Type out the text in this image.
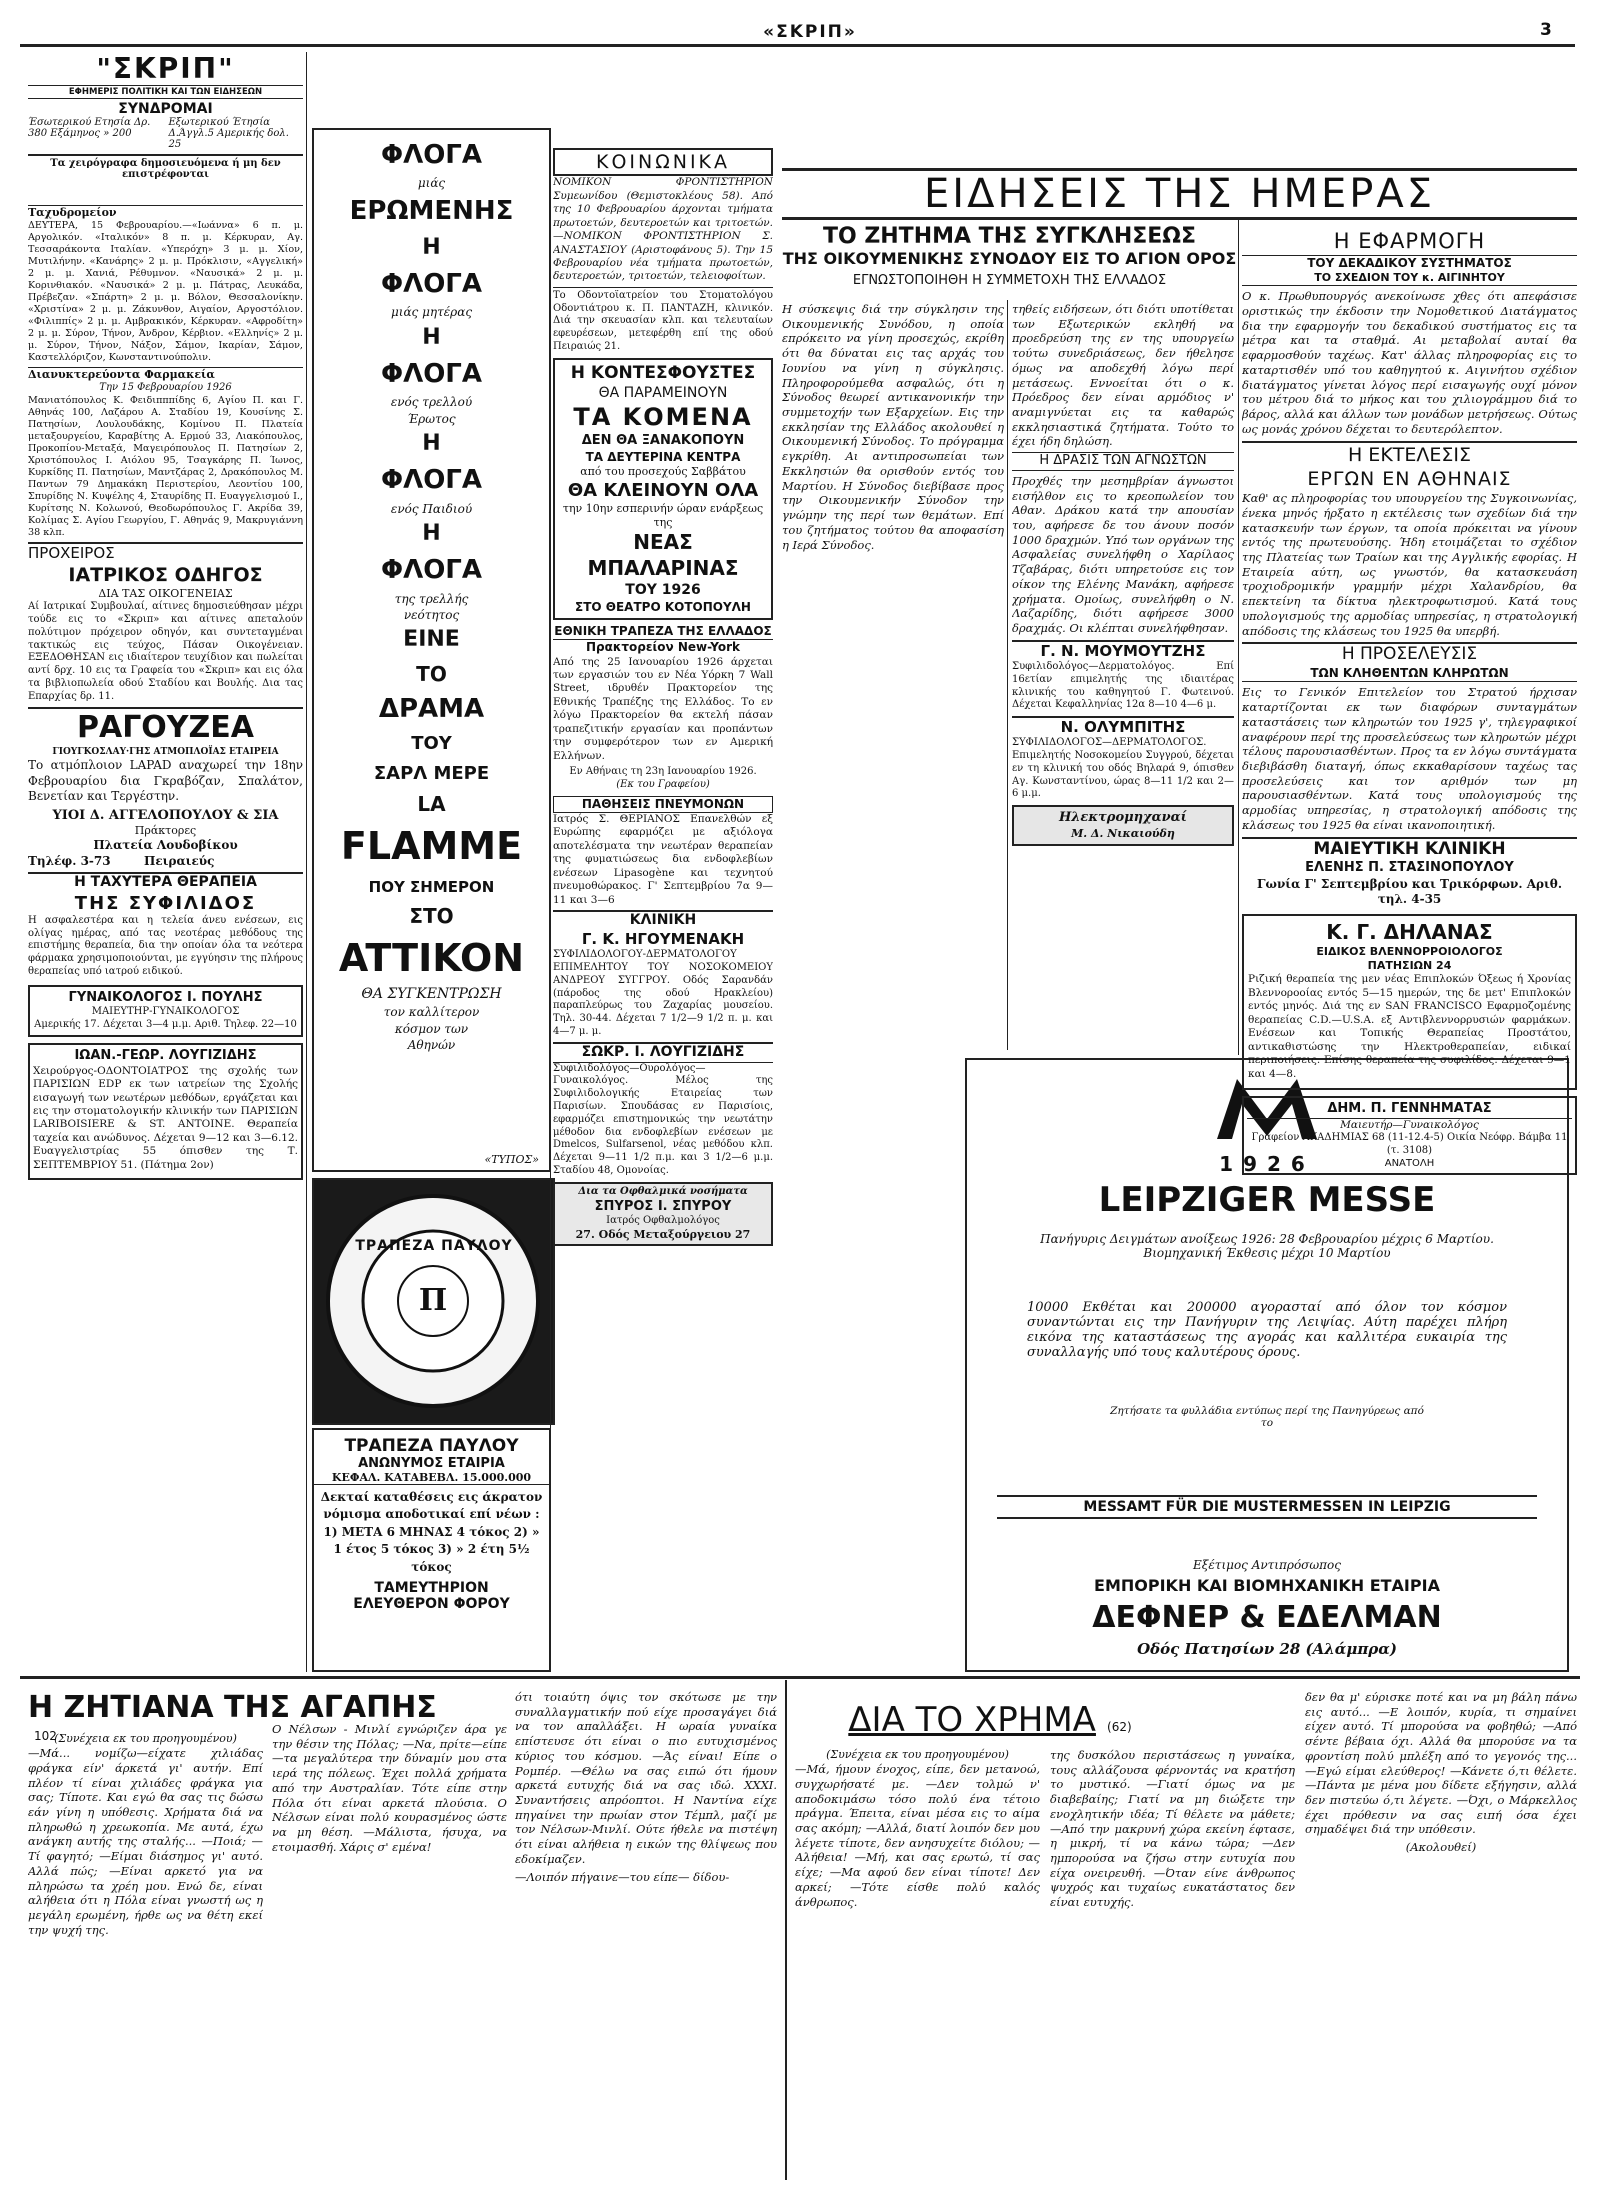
«ΣΚΡΙΠ»	3
"ΣΚΡΙΠ"
ΕΦΗΜΕΡΙΣ ΠΟΛΙΤΙΚΗ ΚΑΙ ΤΩΝ ΕΙΔΗΣΕΩΝ
ΣΥΝΔΡΟΜΑΙ
Έσωτερικού Ετησία Δρ. 380 Εξάμηνος » 200
Εξωτερικού Έτησία Δ.Άγγλ.5 Αμερικής δολ. 25
Τα χειρόγραφα δημοσιευόμενα ή μη δεν επιστρέφονται
Ταχυδρομείον

ΔΕΥΤΕΡΑ, 15 Φεβρουαρίου.—«Ιωάννα» 6 π. μ. Αργολικόν. «Ιταλικόν» 8 π. μ. Κέρκυραν, Αγ. Τεσσαράκοντα Ιταλίαν. «Υπερόχη» 3 μ. μ. Χίον, Μυτιλήνην. «Κανάρης» 2 μ. μ. Πρόκλισιν, «Αγγελική» 2 μ. μ. Χανιά, Ρέθυμνον. «Ναυσικά» 2 μ. μ. Κορινθιακόν. «Ναυσικά» 2 μ. μ. Πάτρας, Λευκάδα, Πρέβεζαν. «Σπάρτη» 2 μ. μ. Βόλον, Θεσσαλονίκην. «Χριστίνα» 2 μ. μ. Ζάκυνθον, Αιγαίον, Αργοστόλιον. «Φιλιππίς» 2 μ. μ. Αμβρακικόν, Κέρκυραν. «Αφροδίτη» 2 μ. μ. Σύρον, Τήνον, Άνδρον, Κέρβιον. «Ελληνίς» 2 μ. μ. Σύρον, Τήνον, Νάξον, Σάμον, Ικαρίαν, Σάμον, Καστελλόριζον, Κωνσταντινούπολιν.

Διανυκτερεύοντα Φαρμακεία
Την 15 Φεβρουαρίου 1926

Μανιατόπουλος Κ. Φειδιπππίδης 6, Αγίου Π. και Γ. Αθηνάς 100, Λαζάρου Α. Σταδίου 19, Κουσίνης Σ. Πατησίων, Λουλουδάκης, Κομίνου Π. Πλατεία μεταξουργείου, Καραβίτης Α. Ερμού 33, Λιακόπουλος, Προκοπίου-Μεταξά, Μαγειρόπουλος Π. Πατησίων 2, Χριστόπουλος Ι. Αιόλου 95, Τσαγκάρης Π. Ίωνος, Κυρκίδης Π. Πατησίων, Μαντζάρας 2, Δρακόπουλος Μ. Παντων 79 Δημακάκη Περιστερίου, Λεοντίου 100, Σπυρίδης Ν. Κυψέλης 4, Σταυρίδης Π. Ευαγγελισμού Ι., Κυρίτσης Ν. Κολωνού, Θεοδωρόπουλος Γ. Ακρίδα 39, Κολίμας Σ. Αγίου Γεωργίου, Γ. Αθηνάς 9, Μακρυγιάννη 38 κλπ.

ΠΡΟΧΕΙΡΟΣ
ΙΑΤΡΙΚΟΣ ΟΔΗΓΟΣ
ΔΙΑ ΤΑΣ ΟΙΚΟΓΕΝΕΙΑΣ

Αί Ιατρικαί Συμβουλαί, αίτινες δημοσιεύθησαν μέχρι τούδε εις το «Σκριπ» και αίτινες απεταλούν πολύτιμον πρόχειρον οδηγόν, και συντεταγμέναι τακτικώς εις τεύχος, Πάσαν Οικογένειαν. ΕΞΕΔΟΘΗΣΑΝ εις ιδιαίτερον τευχίδιον και πωλείται αντί δρχ. 10 εις τα Γραφεία του «Σκριπ» και εις όλα τα βιβλιοπωλεία οδού Σταδίου και Βουλής. Δια τας Επαρχίας δρ. 11.

ΡΑΓΟΥΖΕΑ
ΓΙΟΥΓΚΟΣΛΑΥ·ΓΗΣ ΑΤΜΟΠΛΟΪΑΣ ΕΤΑΙΡΕΙΑ

Το ατμόπλοιον LAPAD αναχωρεί την 18ην Φεβρουαρίου δια Γκραβόζαν, Σπαλάτον, Βενετίαν και Τεργέστην.

ΥΙΟΙ Δ. ΑΓΓΕΛΟΠΟΥΛΟΥ & ΣΙΑ
Πράκτορες
Πλατεία Λουδοβίκου
Τηλέφ. 3-73        Πειραιεύς
Η ΤΑΧΥΤΕΡΑ ΘΕΡΑΠΕΙΑ
ΤΗΣ ΣΥΦΙΛΙΔΟΣ

Η ασφαλεστέρα και η τελεία άνευ ενέσεων, εις ολίγας ημέρας, από τας νεοτέρας μεθόδους της επιστήμης θεραπεία, δια την οποίαν όλα τα νεότερα φάρμακα χρησιμοποιούνται, με εγγύησιν της πλήρους θεραπείας υπό ιατρού ειδικού.

ΓΥΝΑΙΚΟΛΟΓΟΣ Ι. ΠΟΥΛΗΣ
ΜΑΙΕΥΤΗΡ-ΓΥΝΑΙΚΟΛΟΓΟΣ
Αμερικής 17. Δέχεται 3—4 μ.μ. Αριθ. Τηλεφ. 22—10
ΙΩΑΝ.-ΓΕΩΡ. ΛΟΥΓΙΖΙΔΗΣ

Χειρούργος-ΟΔΟΝΤΟΙΑΤΡΟΣ της σχολής των ΠΑΡΙΣΙΩΝ EDP εκ των ιατρείων της Σχολής εισαγωγή των νεωτέρων μεθόδων, εργάζεται και εις την στοματολογικήν κλινικήν των ΠΑΡΙΣΙΩΝ LARIBOISIERE & ST. ANTOINE. Θεραπεία ταχεία και ανώδυνος. Δέχεται 9—12 και 3—6.12. Ευαγγελιστρίας 55 όπισθεν της Τ. ΣΕΠΤΕΜΒΡΙΟΥ 51. (Πάτημα 2ον)

ΦΛΟΓΑ
μιάς
ΕΡΩΜΕΝΗΣ
Η
ΦΛΟΓΑ
μιάς μητέρας
Η
ΦΛΟΓΑ
ενός τρελλού
Έρωτος
Η
ΦΛΟΓΑ
ενός Παιδιού
Η
ΦΛΟΓΑ
της τρελλής
νεότητος
ΕΙΝΕ
ΤΟ
ΔΡΑΜΑ
ΤΟΥ
ΣΑΡΛ ΜΕΡΕ
LA
FLAMME
ΠΟΥ ΣΗΜΕΡΟΝ
ΣΤΟ
ATTIKON
ΘΑ ΣΥΓΚΕΝΤΡΩΣΗ
τον καλλίτερον
κόσμον των
Αθηνών
«ΤΥΠΟΣ»
Π
ΤΡΑΠΕΖΑ ΠΑΥΛΟΥ
ΤΡΑΠΕΖΑ ΠΑΥΛΟΥ
ΑΝΩΝΥΜΟΣ ΕΤΑΙΡΙΑ
ΚΕΦΑΛ. ΚΑΤΑΒΕΒΛ. 15.000.000
Δεκταί καταθέσεις εις άκρατον νόμισμα αποδοτικαί επί νέων : 1) ΜΕΤΑ 6 ΜΗΝΑΣ 4 τόκος 2) » 1 έτος 5 τόκος 3) » 2 έτη 5½ τόκος
ΤΑΜΕΥΤΗΡΙΟΝ
ΕΛΕΥΘΕΡΟΝ ΦΟΡΟΥ
ΚΟΙΝΩΝΙΚΑ

ΝΟΜΙΚΟΝ ΦΡΟΝΤΙΣΤΗΡΙΟΝ Συμεωνίδου (Θεμιστοκλέους 58). Από της 10 Φεβρουαρίου άρχονται τμήματα πρωτοετών, δευτεροετών και τριτοετών. —ΝΟΜΙΚΟΝ ΦΡΟΝΤΙΣΤΗΡΙΟΝ Σ. ΑΝΑΣΤΑΣΙΟΥ (Αριστοφάνους 5). Την 15 Φεβρουαρίου νέα τμήματα πρωτοετών, δευτεροετών, τριτοετών, τελειοφοίτων.

Το Οδοντοϊατρείον του Στοματολόγου Οδοντιάτρου κ. Π. ΠΑΝΤΑΖΗ, κλινικόν. Διά την σκευασίαν κλπ. και τελευταίων εφευρέσεων, μετεφέρθη επί της οδού Πειραιώς 21.

Η ΚΟΝΤΕΣΦΟΥΣΤΕΣ
ΘΑ ΠΑΡΑΜΕΙΝΟΥΝ
ΤΑ ΚΟΜΕΝΑ
ΔΕΝ ΘΑ ΞΑΝΑΚΟΠΟΥΝ
ΤΑ ΔΕΥΤΕΡΙΝΑ ΚΕΝΤΡΑ
από του προσεχούς Σαββάτου
ΘΑ ΚΛΕΙΝΟΥΝ ΟΛΑ
την 10ην εσπερινήν ώραν ενάρξεως της
ΝΕΑΣ ΜΠΑΛΑΡΙΝΑΣ
ΤΟΥ 1926
ΣΤΟ ΘΕΑΤΡΟ ΚΟΤΟΠΟΥΛΗ
ΕΘΝΙΚΗ ΤΡΑΠΕΖΑ ΤΗΣ ΕΛΛΑΔΟΣ
Πρακτορείον New-York

Από της 25 Ιανουαρίου 1926 άρχεται των εργασιών του εν Νέα Υόρκη 7 Wall Street, ιδρυθέν Πρακτορείον της Εθνικής Τραπέζης της Ελλάδος. Το εν λόγω Πρακτορείον θα εκτελή πάσαν τραπεζιτικήν εργασίαν και προπάντων την συμφερότερον των εν Αμερική Ελλήνων.

Εν Αθήναις τη 23η Ιανουαρίου 1926.
(Εκ του Γραφείου)
ΠΑΘΗΣΕΙΣ ΠΝΕΥΜΟΝΩΝ

Ιατρός Σ. ΘΕΡΙΑΝΟΣ Επανελθών εξ Ευρώπης εφαρμόζει με αξιόλογα αποτελέσματα την νεωτέραν θεραπείαν της φυματιώσεως δια ενδοφλεβίων ενέσεων Lipasogène και τεχνητού πνευμοθώρακος. Γ' Σεπτεμβρίου 7α 9—11 και 3—6

ΚΛΙΝΙΚΗ
Γ. Κ. ΗΓΟΥΜΕΝΑΚΗ

ΣΥΦΙΛΙΔΟΛΟΓΟΥ-ΔΕΡΜΑΤΟΛΟΓΟΥ ΕΠΙΜΕΛΗΤΟΥ ΤΟΥ ΝΟΣΟΚΟΜΕΙΟΥ ΑΝΔΡΕΟΥ ΣΥΓΓΡΟΥ. Οδός Σαρανδάν (πάροδος της οδού Ηρακλείου) παραπλεύρως του Ζαχαρίας μουσείου. Τηλ. 30-44. Δέχεται 7 1/2—9 1/2 π. μ. και 4—7 μ. μ.

ΣΩΚΡ. Ι. ΛΟΥΓΙΖΙΔΗΣ

Συφιλιδολόγος—Ουρολόγος—Γυναικολόγος. Μέλος της Συφιλιδολογικής Εταιρείας των Παρισίων. Σπουδάσας εν Παρισίοις, εφαρμόζει επιστημονικώς την νεωτάτην μέθοδον δια ενδοφλεβίων ενέσεων με Dmelcos, Sulfarsenol, νέας μεθόδου κλπ. Δέχεται 9—11 1/2 π.μ. και 3 1/2—6 μ.μ. Σταδίου 48, Ομονοίας.

Δια τα Οφθαλμικά νοσήματα
ΣΠΥΡΟΣ Ι. ΣΠΥΡΟΥ
Ιατρός Οφθαλμολόγος
27. Οδός Μεταξούργειου 27
ΕΙΔΗΣΕΙΣ ΤΗΣ ΗΜΕΡΑΣ
ΤΟ ΖΗΤΗΜΑ ΤΗΣ ΣΥΓΚΛΗΣΕΩΣ
ΤΗΣ ΟΙΚΟΥΜΕΝΙΚΗΣ ΣΥΝΟΔΟΥ ΕΙΣ ΤΟ ΑΓΙΟΝ ΟΡΟΣ
ΕΓΝΩΣΤΟΠΟΙΗΘΗ Η ΣΥΜΜΕΤΟΧΗ ΤΗΣ ΕΛΛΑΔΟΣ

Η σύσκεψις διά την σύγκλησιν της Οικουμενικής Συνόδου, η οποία επρόκειτο να γίνη προσεχώς, εκρίθη ότι θα δύναται εις τας αρχάς του Ιουνίου να γίνη η σύγκλησις. Πληροφορούμεθα ασφαλώς, ότι η Σύνοδος θεωρεί αντικανονικήν την συμμετοχήν των Εξαρχείων. Εις την εκκλησίαν της Ελλάδος ακολουθεί η Οικουμενική Σύνοδος. Το πρόγραμμα εγκρίθη. Αι αντιπροσωπείαι των Εκκλησιών θα ορισθούν εντός του Μαρτίου. Η Σύνοδος διεβίβασε προς την Οικουμενικήν Σύνοδον την γνώμην της περί των θεμάτων. Επί του ζητήματος τούτου θα αποφασίση η Ιερά Σύνοδος.

τηθείς ειδήσεων, ότι διότι υποτίθεται των Εξωτερικών εκληθή να προεδρεύση της εν της υπουργείω τούτω συνεδριάσεως, δεν ήθελησε όμως να αποδεχθή λόγω περί μετάσεως. Εννοείται ότι ο κ. Πρόεδρος δεν είναι αρμόδιος ν' αναμιγνύεται εις τα καθαρώς εκκλησιαστικά ζητήματα. Τούτο το έχει ήδη δηλώση.

Η ΔΡΑΣΙΣ ΤΩΝ ΑΓΝΩΣΤΩΝ

Προχθές την μεσημβρίαν άγνωστοι εισήλθον εις το κρεοπωλείον του Αθαν. Δράκου κατά την απουσίαν του, αφήρεσε δε του άνουν ποσόν 1000 δραχμών. Υπό των οργάνων της Ασφαλείας συνελήφθη ο Χαρίλαος Τζαβάρας, διότι υπηρετούσε εις τον οίκον της Ελένης Μανάκη, αφήρεσε χρήματα. Ομοίως, συνελήφθη ο Ν. Λαζαρίδης, διότι αφήρεσε 3000 δραχμάς. Οι κλέπται συνελήφθησαν.

Γ. Ν. ΜΟΥΜΟΥΤΖΗΣ

Συφιλιδολόγος—Δερματολόγος. Επί 16ετίαν επιμελητής της ιδιαιτέρας κλινικής του καθηγητού Γ. Φωτεινού. Δέχεται Κεφαλληνίας 12α 8—10 4—6 μ.

Ν. ΟΛΥΜΠΙΤΗΣ

ΣΥΦΙΛΙΔΟΛΟΓΟΣ—ΔΕΡΜΑΤΟΛΟΓΟΣ. Επιμελητής Νοσοκομείου Συγγρού, δέχεται εν τη κλινική του οδός Βηλαρά 9, όπισθεν Αγ. Κωνσταντίνου, ώρας 8—11 1/2 και 2—6 μ.μ.

Ηλεκτρομηχαναί
Μ. Δ. Νικαιούδη
1926
LEIPZIGER MESSE
Πανήγυρις Δειγμάτων ανοίξεως 1926: 28 Φεβρουαρίου μέχρις 6 Μαρτίου. Βιομηχανική Έκθεσις μέχρι 10 Μαρτίου
10000 Εκθέται και 200000 αγορασταί από όλον τον κόσμον συναντώνται εις την Πανήγυριν της Λειψίας. Αύτη παρέχει πλήρη εικόνα της καταστάσεως της αγοράς και καλλιτέρα ευκαιρία της συναλλαγής υπό τους καλυτέρους όρους.
Ζητήσατε τα φυλλάδια εντύπως περί της Πανηγύρεως από το
MESSAMT FÜR DIE MUSTERMESSEN IN LEIPZIG
Εξέτιμος Αντιπρόσωπος
ΕΜΠΟΡΙΚΗ ΚΑΙ ΒΙΟΜΗΧΑΝΙΚΗ ΕΤΑΙΡΙΑ
ΔΕΦΝΕΡ & ΕΔΕΛΜΑΝ
Οδός Πατησίων 28 (Αλάμπρα)
Η ΕΦΑΡΜΟΓΗ
ΤΟΥ ΔΕΚΑΔΙΚΟΥ ΣΥΣΤΗΜΑΤΟΣ
ΤΟ ΣΧΕΔΙΟΝ ΤΟΥ κ. ΑΙΓΙΝΗΤΟΥ

Ο κ. Πρωθυπουργός ανεκοίνωσε χθες ότι απεφάσισε οριστικώς την έκδοσιν την Νομοθετικού Διατάγματος δια την εφαρμογήν του δεκαδικού συστήματος εις τα μέτρα και τα σταθμά. Αι μεταβολαί αυταί θα εφαρμοσθούν ταχέως. Κατ' άλλας πληροφορίας εις το καταρτισθέν υπό του καθηγητού κ. Αιγινήτου σχέδιον διατάγματος γίνεται λόγος περί εισαγωγής ουχί μόνον του μέτρου διά το μήκος και του χιλιογράμμου διά το βάρος, αλλά και άλλων των μονάδων μετρήσεως. Ούτως ως μονάς χρόνου δέχεται το δευτερόλεπτον.

Η ΕΚΤΕΛΕΣΙΣ
ΕΡΓΩΝ ΕΝ ΑΘΗΝΑΙΣ

Καθ' ας πληροφορίας του υπουργείου της Συγκοινωνίας, ένεκα μηνός ήρξατο η εκτέλεσις των σχεδίων διά την κατασκευήν των έργων, τα οποία πρόκειται να γίνουν εντός της πρωτευούσης. Ήδη ετοιμάζεται το σχέδιον της Πλατείας των Τραίων και της Αγγλικής εφορίας. Η Εταιρεία αύτη, ως γνωστόν, θα κατασκευάση τροχιοδρομικήν γραμμήν μέχρι Χαλανδρίου, θα επεκτείνη τα δίκτυα ηλεκτροφωτισμού. Κατά τους υπολογισμούς της αρμοδίας υπηρεσίας, η στρατολογική απόδοσις της κλάσεως του 1925 θα υπερβή.

Η ΠΡΟΣΕΛΕΥΣΙΣ
ΤΩΝ ΚΛΗΘΕΝΤΩΝ ΚΛΗΡΩΤΩΝ

Εις το Γενικόν Επιτελείον του Στρατού ήρχισαν καταρτίζονται εκ των διαφόρων συνταγμάτων καταστάσεις των κληρωτών του 1925 γ', τηλεγραφικοί αναφέρουν περί της προσελεύσεως των κληρωτών μέχρι τέλους παρουσιασθέντων. Προς τα εν λόγω συντάγματα διεβιβάσθη διαταγή, όπως εκκαθαρίσουν ταχέως τας προσελεύσεις και τον αριθμόν των μη παρουσιασθέντων. Κατά τους υπολογισμούς της αρμοδίας υπηρεσίας, η στρατολογική απόδοσις της κλάσεως του 1925 θα είναι ικανοποιητική.

ΜΑΙΕΥΤΙΚΗ ΚΛΙΝΙΚΗ
ΕΛΕΝΗΣ Π. ΣΤΑΣΙΝΟΠΟΥΛΟΥ
Γωνία Γ' Σεπτεμβρίου και Τρικόρφων. Αριθ. τηλ. 4-35
Κ. Γ. ΔΗΛΑΝΑΣ
ΕΙΔΙΚΟΣ ΒΛΕΝΝΟΡΡΟΙΟΛΟΓΟΣ
ΠΑΤΗΣΙΩΝ 24

Ριζική θεραπεία της μεν νέας Επιπλοκών Όξεως ή Χρονίας Βλεννοροοίας εντός 5—15 ημερών, της δε μετ' Επιπλοκών εντός μηνός. Διά της εν SAN FRANCISCO Εφαρμοζομένης θεραπείας C.D.—U.S.A. εξ Αντιβλεννορρυσιών φαρμάκων. Ενέσεων και Τοπικής Θεραπείας Προστάτου, αντικαθιστώσης την Ηλεκτροθεραπείαν, ειδικαί περιποιήσεις. Επίσης θεραπεία της συφιλίδος. Δέχεται 9—1 και 4—8.

ΔΗΜ. Π. ΓΕΝΝΗΜΑΤΑΣ
Μαιευτήρ—Γυναικολόγος
Γραφείον ΑΚΑΔΗΜΙΑΣ 68 (11-12.4-5) Οικία Νεόφρ. Βάμβα 11 (τ. 3108)
ΑΝΑΤΟΛΗ
Η ΖΗΤΙΑΝΑ ΤΗΣ ΑΓΑΠΗΣ 102
(Συνέχεια εκ του προηγουμένου)

—Μά... νομίζω—είχατε χιλιάδας φράγκα είν' άρκετά γι' αυτήν. Επί πλέον τί είναι χιλιάδες φράγκα για σας; Τίποτε. Και εγώ θα σας τις δώσω εάν γίνη η υπόθεσις. Χρήματα διά να πληρωθώ η χρεωκοπία. Με αυτά, έχω ανάγκη αυτής της σταλής... —Ποιά; —Τί φαγητό; —Είμαι διάσημος γι' αυτό. Αλλά πώς; —Είναι αρκετό για να πληρώσω τα χρέη μου. Ενώ δε, είναι αλήθεια ότι η Πόλα είναι γνωστή ως η μεγάλη ερωμένη, ήρθε ως να θέτη εκεί την ψυχή της.

Ο Νέλσων - Μινλί εγνώριζεν άρα γε την θέσιν της Πόλας; —Να, πρίτε—είπε—τα μεγαλύτερα την δύναμίν μου στα ιερά της πόλεως. Έχει πολλά χρήματα από την Αυστραλίαν. Τότε είπε στην Πόλα ότι είναι αρκετά πλούσια. Ο Νέλσων είναι πολύ κουρασμένος ώστε να μη θέση. —Μάλιστα, ήσυχα, να ετοιμασθή. Χάρις σ' εμένα!

ότι τοιαύτη όψις τον σκότωσε με την συναλλαγματικήν πού είχε προσαγάγει διά να τον απαλλάξει. Η ωραία γυναίκα επίστευσε ότι είναι ο πιο ευτυχισμένος κύριος του κόσμου. —Άς είναι! Είπε ο Ρομπέρ. —Θέλω να σας ειπώ ότι ήμουν αρκετά ευτυχής διά να σας ιδώ. XXXI. Συναντήσεις απρόοπτοι. Η Ναντίνα είχε πηγαίνει την πρωίαν στον Τέμπλ, μαζί με τον Νέλσων-Μινλί. Ούτε ήθελε να πιστέψη ότι είναι αλήθεια η εικών της θλίψεως που εδοκίμαζεν.

—Λοιπόν πήγαινε—του είπε— δίδου-

ΔΙΑ ΤΟ ΧΡΗΜΑ (62)
(Συνέχεια εκ του προηγουμένου)

—Μά, ήμουν ένοχος, είπε, δεν μετανοώ, συγχωρήσατέ με. —Δεν τολμώ ν' αποδοκιμάσω τόσο πολύ ένα τέτοιο πράγμα. Έπειτα, είναι μέσα εις το αίμα σας ακόμη; —Αλλά, διατί λοιπόν δεν μου λέγετε τίποτε, δεν ανησυχείτε διόλου; —Αλήθεια! —Μή, και σας ερωτώ, τί σας είχε; —Μα αφού δεν είναι τίποτε! Δεν αρκεί; —Τότε είσθε πολύ καλός άνθρωπος.

της δυσκόλου περιστάσεως η γυναίκα, τους αλλάζουσα φέρνοντάς να κρατήση το μυστικό. —Γιατί όμως να με διαβεβαίης; Γιατί να μη διώξετε την ενοχλητικήν ιδέα; Τί θέλετε να μάθετε; —Από την μακρυνή χώρα εκείνη έφτασε, η μικρή, τί να κάνω τώρα; —Δεν ημπορούσα να ζήσω στην ευτυχία που είχα ονειρευθή. —Όταν είνε άνθρωπος ψυχρός και τυχαίως ευκατάστατος δεν είναι ευτυχής.

δεν θα μ' εύρισκε ποτέ και να μη βάλη πάνω εις αυτό... —Ε λοιπόν, κυρία, τι σημαίνει είχεν αυτό. Τί μπορούσα να φοβηθώ; —Από σέντε βέβαια όχι. Αλλά θα μπορούσε να τα φροντίση πολύ μπλέξη από το γεγονός της... —Εγώ είμαι ελεύθερος! —Κάνετε ό,τι θέλετε. —Πάντα με μένα μου δίδετε εξήγησιν, αλλά δεν πιστεύω ό,τι λέγετε. —Όχι, ο Μάρκελλος έχει πρόθεσιν να σας ειπή όσα έχει σημαδέψει διά την υπόθεσιν.

(Ακολουθεί)
